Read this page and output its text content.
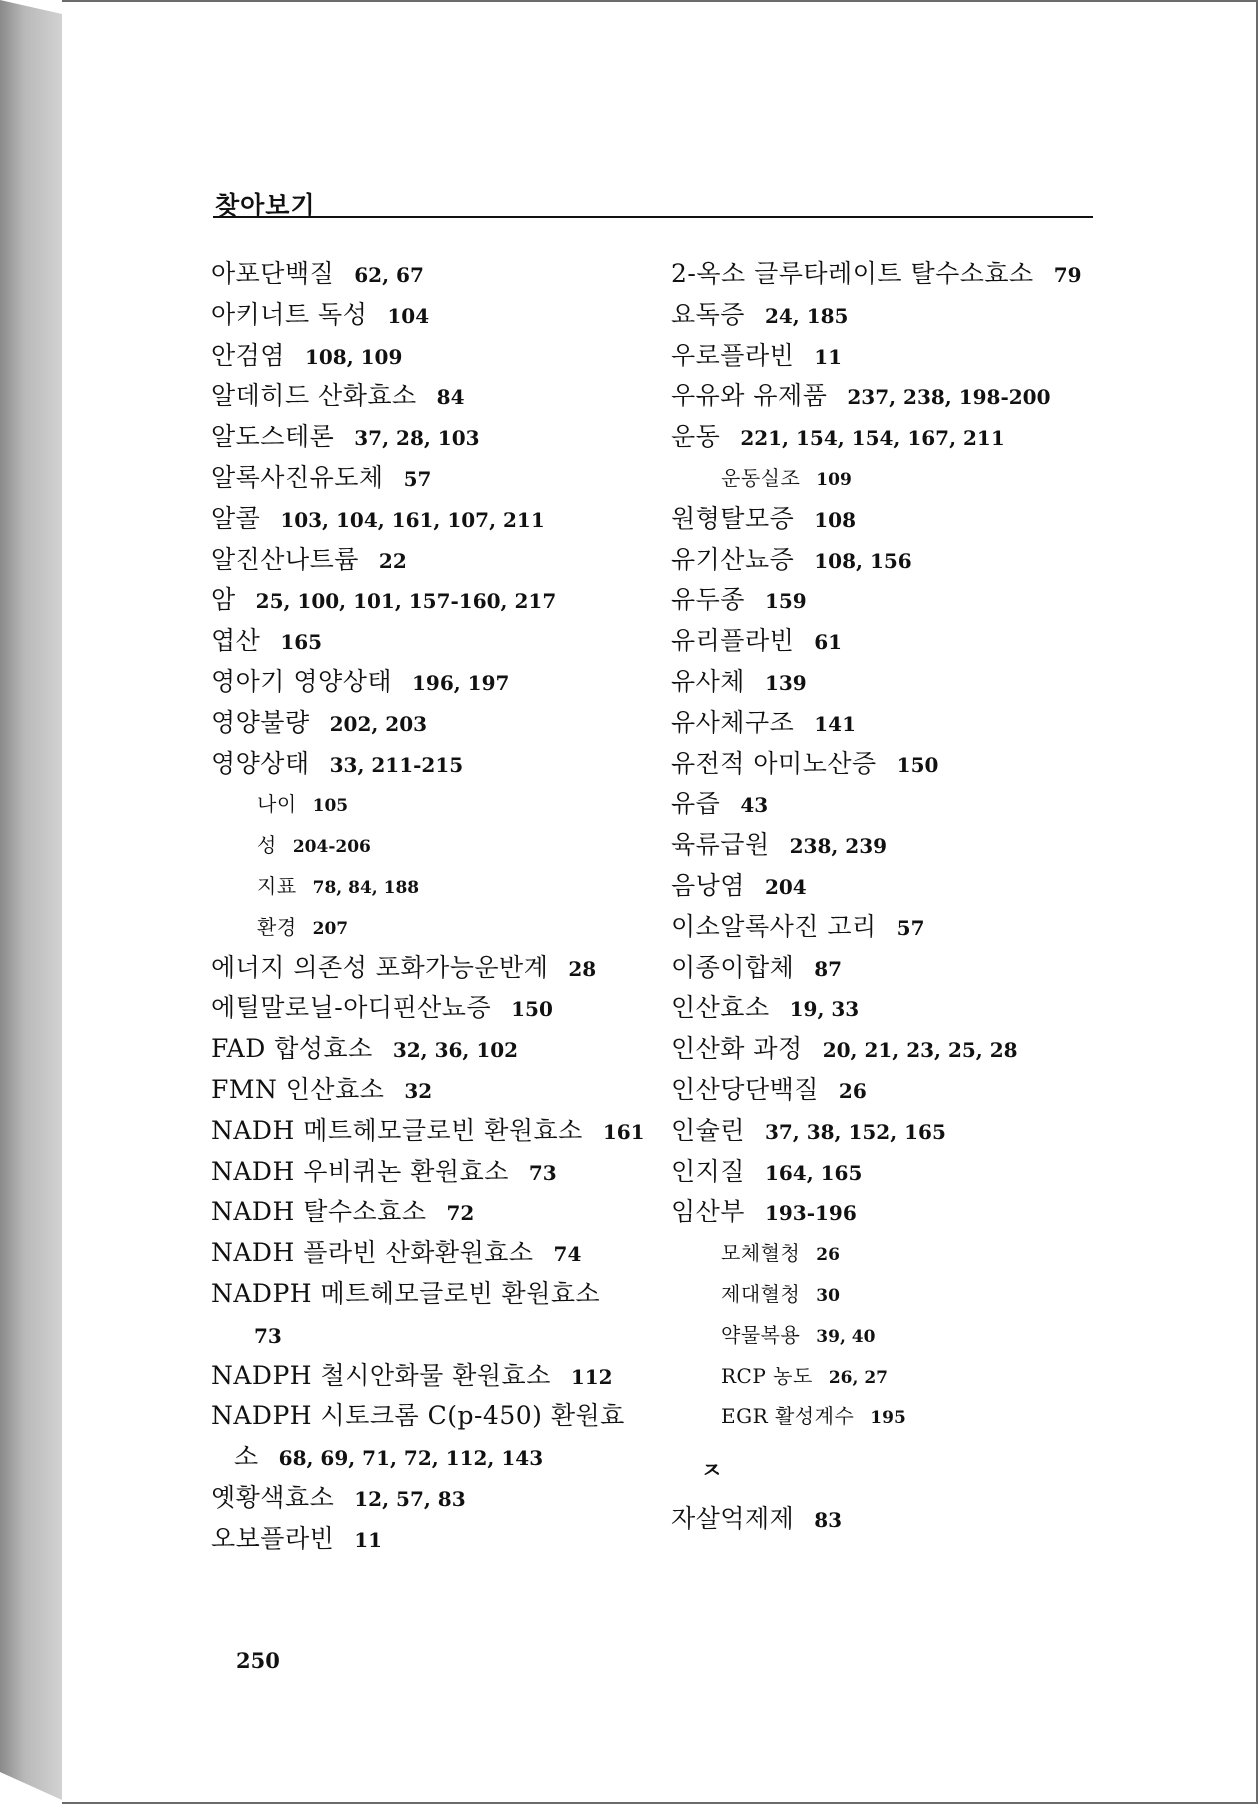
찾아보기
아포단백질 62, 67
아키너트 독성 104
안검염 108, 109
알데히드 산화효소 84
알도스테론 37, 28, 103
알록사진유도체 57
알콜 103, 104, 161, 107, 211
알진산나트륨 22
암 25, 100, 101, 157-160, 217
엽산 165
영아기 영양상태 196, 197
영양불량 202, 203
영양상태 33, 211-215
나이 105
성 204-206
지표 78, 84, 188
환경 207
에너지 의존성 포화가능운반계 28
에틸말로닐-아디핀산뇨증 150
FAD 합성효소 32, 36, 102
FMN 인산효소 32
NADH 메트헤모글로빈 환원효소 161
NADH 우비퀴논 환원효소 73
NADH 탈수소효소 72
NADH 플라빈 산화환원효소 74
NADPH 메트헤모글로빈 환원효소
73
NADPH 철시안화물 환원효소 112
NADPH 시토크롬 C(p-450) 환원효
소 68, 69, 71, 72, 112, 143
옛황색효소 12, 57, 83
오보플라빈 11
2-옥소 글루타레이트 탈수소효소 79
요독증 24, 185
우로플라빈 11
우유와 유제품 237, 238, 198-200
운동 221, 154, 154, 167, 211
운동실조 109
원형탈모증 108
유기산뇨증 108, 156
유두종 159
유리플라빈 61
유사체 139
유사체구조 141
유전적 아미노산증 150
유즙 43
육류급원 238, 239
음낭염 204
이소알록사진 고리 57
이종이합체 87
인산효소 19, 33
인산화 과정 20, 21, 23, 25, 28
인산당단백질 26
인슐린 37, 38, 152, 165
인지질 164, 165
임산부 193-196
모체혈청 26
제대혈청 30
약물복용 39, 40
RCP 농도 26, 27
EGR 활성계수 195
ㅈ
자살억제제 83
250
